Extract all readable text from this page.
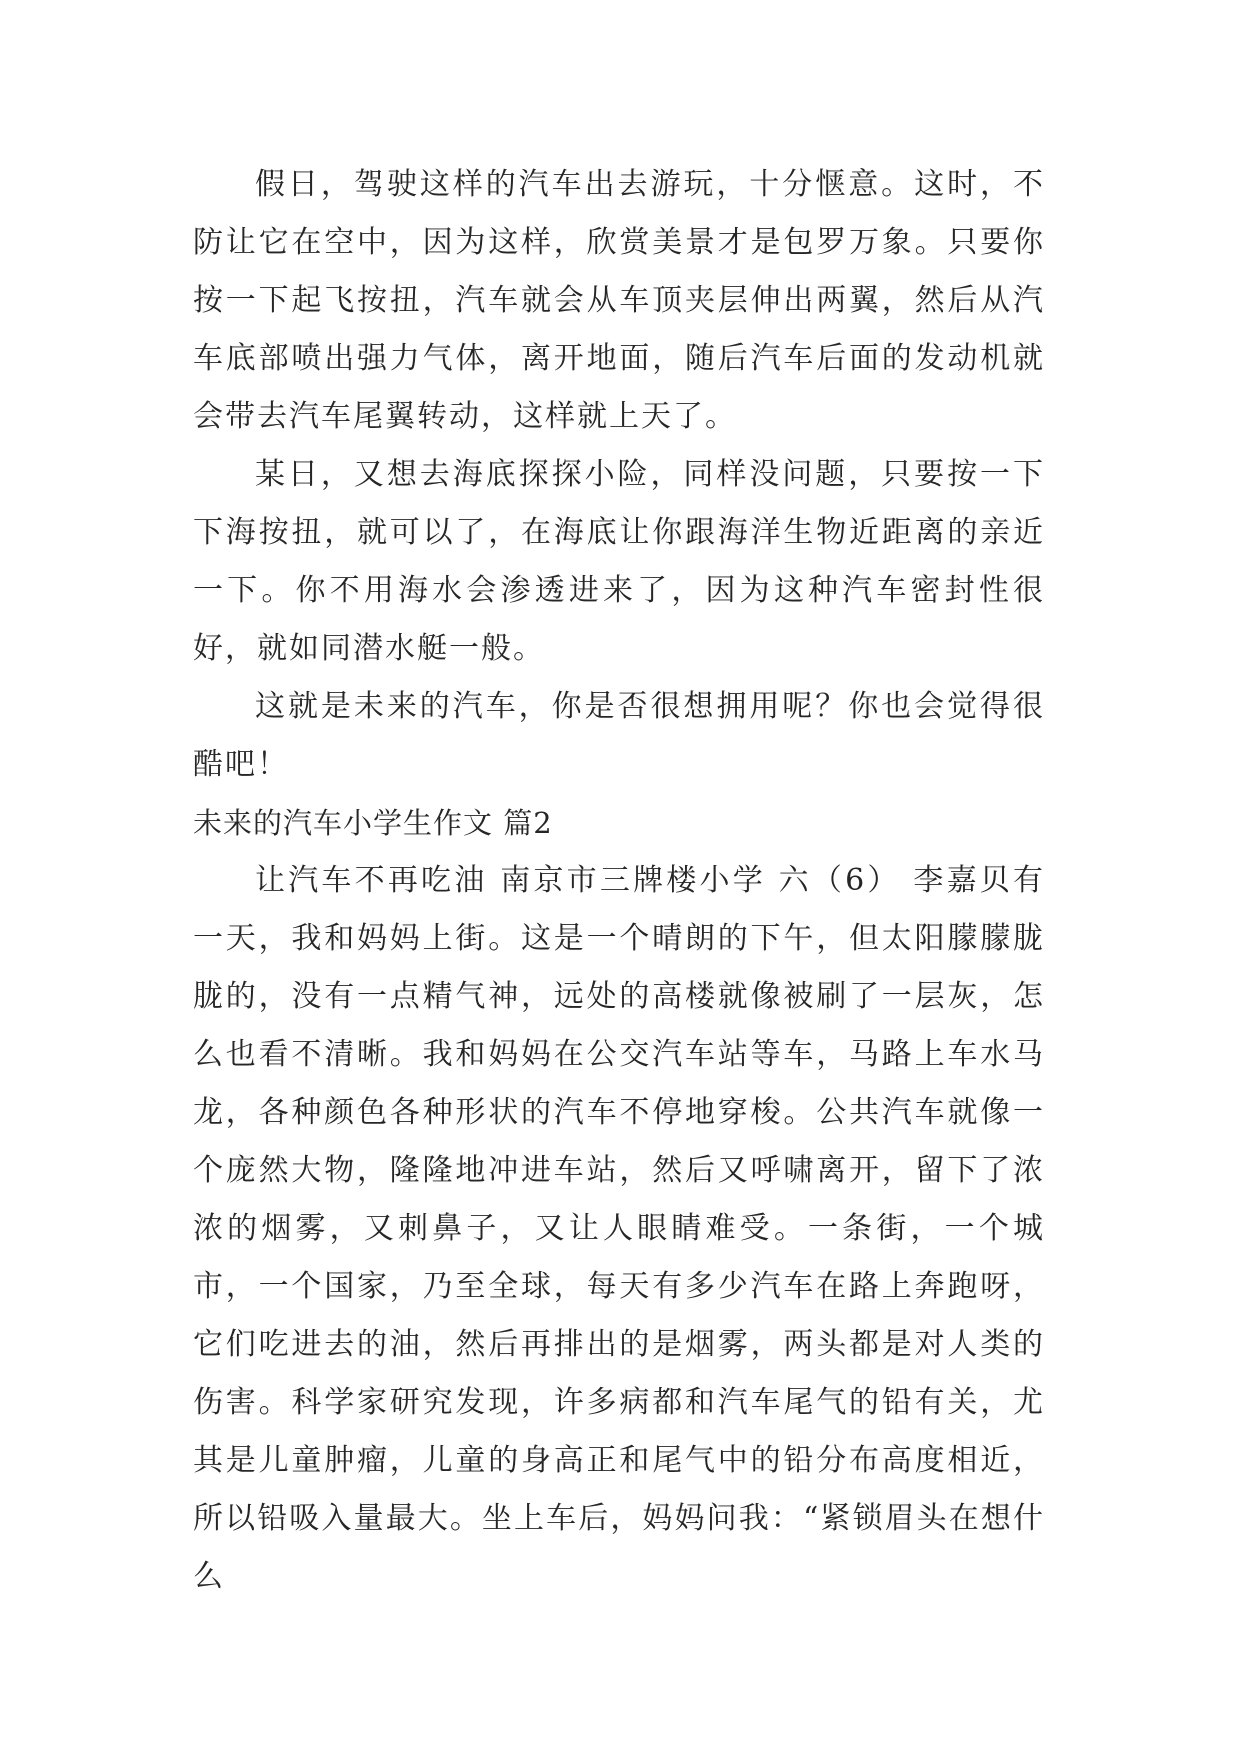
假日，驾驶这样的汽车出去游玩，十分惬意。这时，不防让它在空中，因为这样，欣赏美景才是包罗万象。只要你按一下起飞按扭，汽车就会从车顶夹层伸出两翼，然后从汽车底部喷出强力气体，离开地面，随后汽车后面的发动机就会带去汽车尾翼转动，这样就上天了。

某日，又想去海底探探小险，同样没问题，只要按一下下海按扭，就可以了，在海底让你跟海洋生物近距离的亲近一下。你不用海水会渗透进来了，因为这种汽车密封性很好，就如同潜水艇一般。

这就是未来的汽车，你是否很想拥用呢？你也会觉得很酷吧！

未来的汽车小学生作文 篇2

让汽车不再吃油 南京市三牌楼小学 六（6） 李嘉贝有一天，我和妈妈上街。这是一个晴朗的下午，但太阳朦朦胧胧的，没有一点精气神，远处的高楼就像被刷了一层灰，怎么也看不清晰。我和妈妈在公交汽车站等车，马路上车水马龙，各种颜色各种形状的汽车不停地穿梭。公共汽车就像一个庞然大物，隆隆地冲进车站，然后又呼啸离开，留下了浓浓的烟雾，又刺鼻子，又让人眼睛难受。一条街，一个城市，一个国家，乃至全球，每天有多少汽车在路上奔跑呀，它们吃进去的油，然后再排出的是烟雾，两头都是对人类的伤害。科学家研究发现，许多病都和汽车尾气的铅有关，尤其是儿童肿瘤，儿童的身高正和尾气中的铅分布高度相近，所以铅吸入量最大。坐上车后，妈妈问我：“紧锁眉头在想什么
